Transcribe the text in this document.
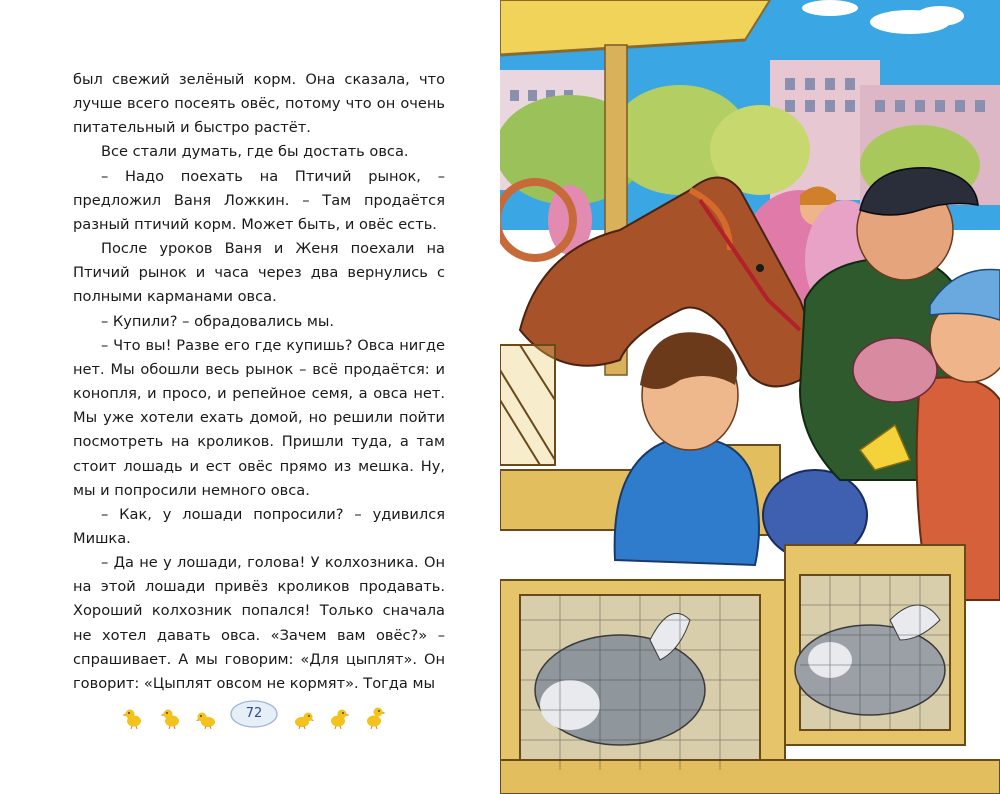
был свежий зелёный корм. Она сказала, что лучше всего посеять овёс, потому что он очень питательный и быстро растёт.

Все стали думать, где бы достать овса.

– Надо поехать на Птичий рынок, – предложил Ваня Ложкин. – Там продаётся разный птичий корм. Может быть, и овёс есть.

После уроков Ваня и Женя поехали на Птичий рынок и часа через два вернулись с полными карманами овса.

– Купили? – обрадовались мы.

– Что вы! Разве его где купишь? Овса нигде нет. Мы обошли весь рынок – всё продаётся: и конопля, и просо, и репейное семя, а овса нет. Мы уже хотели ехать домой, но решили пойти посмотреть на кроликов. Пришли туда, а там стоит лошадь и ест овёс прямо из мешка. Ну, мы и попросили немного овса.

– Как, у лошади попросили? – удивился Мишка.

– Да не у лошади, голова! У колхозника. Он на этой лошади привёз кроликов продавать. Хороший колхозник попался! Только сначала не хотел давать овса. «Зачем вам овёс?» – спрашивает. А мы говорим: «Для цыплят». Он говорит: «Цыплят овсом не кормят». Тогда мы

72
